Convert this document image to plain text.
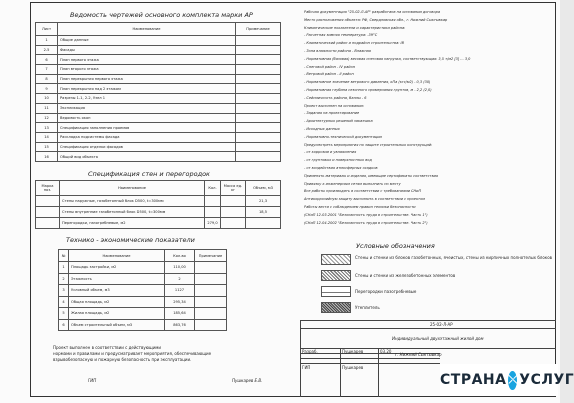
Ведомость чертежей основного комплекта марки АР
Лист	Наименование	Примечание
1	Общие данные	
2-5	Фасады	
6	План первого этажа	
7	План второго этажа	
8	План перекрытия первого этажа	
9	План перекрытия над 2 этажом	
10	Разрезы 1-1, 2-2, Узел 1	
11	Экспликация	
12	Ведомость окон	
13	Спецификация заполнения проемов	
14	Раскладка подсистемы фасада	
15	Спецификация отделки фасадов	
16	Общий вид объекта	
Спецификация стен и перегородок
Марка поз.	Наименование	Кол.	Масса ед. кг	Объем, м3
	Стены наружные, газобетонный блок D500, t=300мм			21,3
	Стены внутренние газобетонный блок D500, t=300мм			18,5
	Перегородки, пазогребневые, м2	279,0		
Технико - экономические показатели
№	Наименование	Кол-во	Примечание
1	Площадь застройки, м2	110,00	
2	Этажность	2	
3	Условный объем, м3	1127	
4	Общая площадь, м2	295,34	
5	Жилая площадь, м2	185,64	
6	Объем строительный объем, м3	863,76	
Проект выполнен в соответствии с действующими
нормами и правилами и предусматривает мероприятия, обеспечивающие
взрывобезопасную и пожарную безопасность при эксплуатации.
ГИП	Пушкарев Е.В.
Рабочая документация "25-02-Л-АР" разработана на основании договора
Место расположения объекта: РФ, Свердловская обл., г. Нижний Сыктывкар
Климатические показатели и характеристики района:
- Расчетная зимняя температура: -39°С
- Климатический район и подрайон строительства: IВ
- Зона влажности района - Влажная
- Нормативная (базовая) весовая снеговая нагрузка, соответствующая: 3,5 т/м2 [3] ... 3,0
- Снеговой район - IV район
- Ветровой район - II район
- Нормативное значение ветрового давления, кПа (кгс/м2) - 0,3 (30)
- Нормативная глубина сезонного промерзания грунтов, м - 2,2 (2,0)
- Сейсмичность района, баллы - 6
Проект выполнен на основании:
- Задания на проектирование
- Архитектурных решений заказчика
- Исходных данных
- Нормативно-технической документации
Предусмотреть мероприятия по защите строительных конструкций:
- от коррозии и увлажнения
- от грунтовых и поверхностных вод
- от воздействия атмосферных осадков
Применять материалы и изделия, имеющие сертификаты соответствия
Привязку к инженерным сетям выполнить по месту
Все работы производить в соответствии с требованиями СНиП
Антикоррозийную защиту выполнить в соответствии с проектом
Работы вести с соблюдением правил техники безопасности
(СНиП 12-03-2001 "Безопасность труда в строительстве. Часть 1")
(СНиП 12-04-2002 "Безопасность труда в строительстве. Часть 2")
Условные обозначения
Стены и стенки из блоков газобетонных, ячеистых, стены из кирпичных полнотелых блоков
Стены и стенки из железобетонных элементов
Перегородки пазогребневые
Утеплитель
25-02-Л-АР
Индивидуальный двухэтажный жилой дом
Разраб.	Пушкарев	03.20
ГИП	Пушкарев
г. Нижний Сыктывкар
СТРАНА ⤬ УСЛУГ
